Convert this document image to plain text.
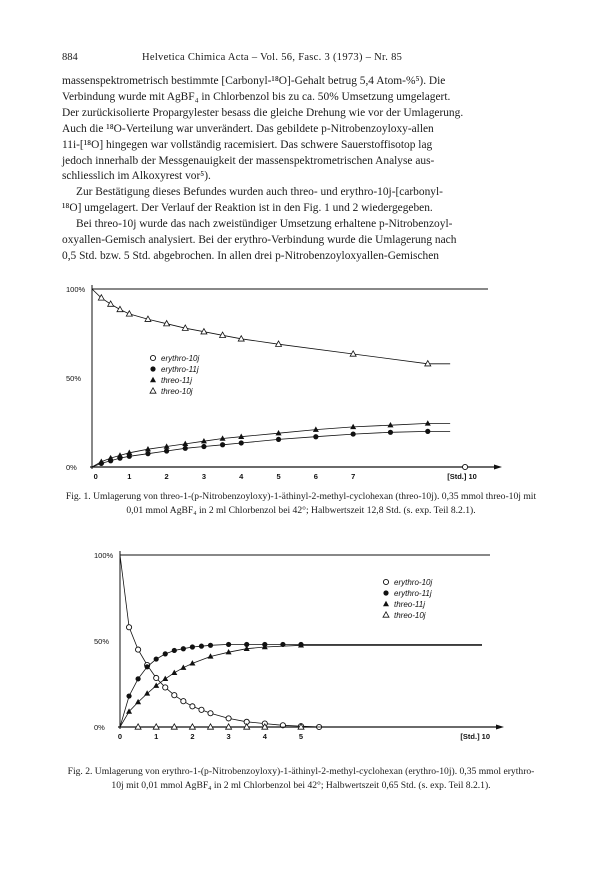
884	Helvetica Chimica Acta – Vol. 56, Fasc. 3 (1973) – Nr. 85

massenspektrometrisch bestimmte [Carbonyl-¹⁸O]-Gehalt betrug 5,4 Atom-%⁵). Die

Verbindung wurde mit AgBF₄ in Chlorbenzol bis zu ca. 50% Umsetzung umgelagert.

Der zurückisolierte Propargylester besass die gleiche Drehung wie vor der Umlagerung.

Auch die ¹⁸O-Verteilung war unverändert. Das gebildete p-Nitrobenzoyloxy-allen

11i-[¹⁸O] hingegen war vollständig racemisiert. Das schwere Sauerstoffisotop lag

jedoch innerhalb der Messgenauigkeit der massenspektrometrischen Analyse aus-

schliesslich im Alkoxyrest vor⁵).

Zur Bestätigung dieses Befundes wurden auch threo- und erythro-10j-[carbonyl-

¹⁸O] umgelagert. Der Verlauf der Reaktion ist in den Fig. 1 und 2 wiedergegeben.

Bei threo-10j wurde das nach zweistündiger Umsetzung erhaltene p-Nitrobenzoyl-

oxyallen-Gemisch analysiert. Bei der erythro-Verbindung wurde die Umlagerung nach

0,5 Std. bzw. 5 Std. abgebrochen. In allen drei p-Nitrobenzoyloxyallen-Gemischen

100%
50%
0%
0	1	2	3	4	5	6	7	[Std.] 10
erythro-10j
erythro-11j
threo-11j
threo-10j
Fig. 1. Umlagerung von threo-1-(p-Nitrobenzoyloxy)-1-äthinyl-2-methyl-cyclohexan (threo-10j). 0,35 mmol threo-10j mit 0,01 mmol AgBF₄ in 2 ml Chlorbenzol bei 42°; Halbwertszeit 12,8 Std. (s. exp. Teil 8.2.1).
100%
50%
0%
0	1	2	3	4	5	[Std.] 10
erythro-10j
erythro-11j
threo-11j
threo-10j
Fig. 2. Umlagerung von erythro-1-(p-Nitrobenzoyloxy)-1-äthinyl-2-methyl-cyclohexan (erythro-10j). 0,35 mmol erythro-10j mit 0,01 mmol AgBF₄ in 2 ml Chlorbenzol bei 42°; Halbwertszeit 0,65 Std. (s. exp. Teil 8.2.1).
